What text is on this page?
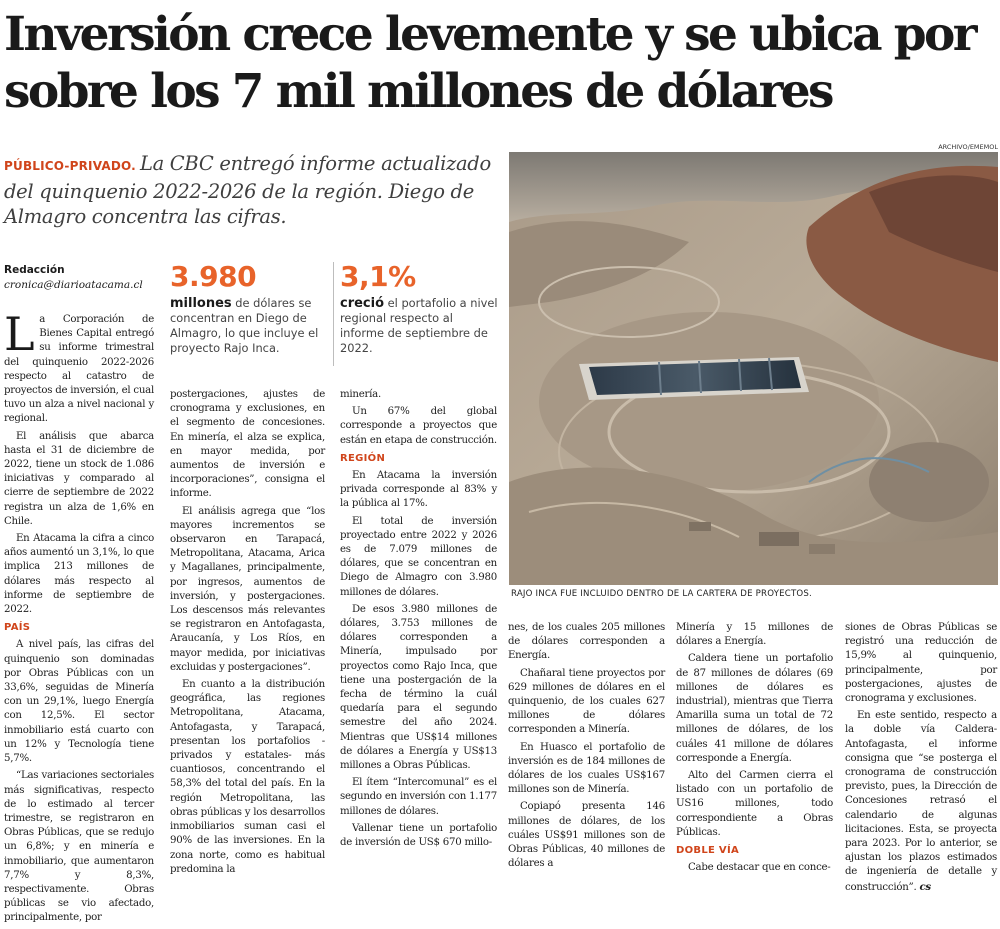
Inversión crece levemente y se ubica por sobre los 7 mil millones de dólares
PÚBLICO-PRIVADO. La CBC entregó informe actualizado del quinquenio 2022-2026 de la región. Diego de Almagro concentra las cifras.
Redacción
cronica@diarioatacama.cl 3.980
millones de dólares se concentran en Diego de Almagro, lo que incluye el proyecto Rajo Inca.
3,1%
creció el portafolio a nivel regional respecto al informe de septiembre de 2022.

La Corporación de Bienes Capital entregó su informe trimestral del quinquenio 2022-2026 respecto al catastro de proyectos de inversión, el cual tuvo un alza a nivel nacional y regional.

El análisis que abarca hasta el 31 de diciembre de 2022, tiene un stock de 1.086 iniciativas y comparado al cierre de septiembre de 2022 registra un alza de 1,6% en Chile.

En Atacama la cifra a cinco años aumentó un 3,1%, lo que implica 213 millones de dólares más respecto al informe de septiembre de 2022.

PAÍS

A nivel país, las cifras del quinquenio son dominadas por Obras Públicas con un 33,6%, seguidas de Minería con un 29,1%, luego Energía con 12,5%. El sector inmobiliario está cuarto con un 12% y Tecnología tiene 5,7%.

“Las variaciones sectoriales más significativas, respecto de lo estimado al tercer trimestre, se registraron en Obras Públicas, que se redujo un 6,8%; y en minería e inmobiliario, que aumentaron 7,7% y 8,3%, respectivamente. Obras públicas se vio afectado, principalmente, por

postergaciones, ajustes de cronograma y exclusiones, en el segmento de concesiones. En minería, el alza se explica, en mayor medida, por aumentos de inversión e incorporaciones”, consigna el informe.

El análisis agrega que “los mayores incrementos se observaron en Tarapacá, Metropolitana, Atacama, Arica y Magallanes, principalmente, por ingresos, aumentos de inversión, y postergaciones. Los descensos más relevantes se registraron en Antofagasta, Araucanía, y Los Ríos, en mayor medida, por iniciativas excluidas y postergaciones”.

En cuanto a la distribución geográfica, las regiones Metropolitana, Atacama, Antofagasta, y Tarapacá, presentan los portafolios -privados y estatales- más cuantiosos, concentrando el 58,3% del total del país. En la región Metropolitana, las obras públicas y los desarrollos inmobiliarios suman casi el 90% de las inversiones. En la zona norte, como es habitual predomina la

minería.

Un 67% del global corresponde a proyectos que están en etapa de construcción.

REGIÓN

En Atacama la inversión privada corresponde al 83% y la pública al 17%.

El total de inversión proyectado entre 2022 y 2026 es de 7.079 millones de dólares, que se concentran en Diego de Almagro con 3.980 millones de dólares.

De esos 3.980 millones de dólares, 3.753 millones de dólares corresponden a Minería, impulsado por proyectos como Rajo Inca, que tiene una postergación de la fecha de término la cuál quedaría para el segundo semestre del año 2024. Mientras que US$14 millones de dólares a Energía y US$13 millones a Obras Públicas.

El ítem “Intercomunal” es el segundo en inversión con 1.177 millones de dólares.

Vallenar tiene un portafolio de inversión de US$ 670 millo-

ARCHIVO/EMEMOL
RAJO INCA FUE INCLUIDO DENTRO DE LA CARTERA DE PROYECTOS.

nes, de los cuales 205 millones de dólares corresponden a Energía.

Chañaral tiene proyectos por 629 millones de dólares en el quinquenio, de los cuales 627 millones de dólares corresponden a Minería.

En Huasco el portafolio de inversión es de 184 millones de dólares de los cuales US$167 millones son de Minería.

Copiapó presenta 146 millones de dólares, de los cuáles US$91 millones son de Obras Públicas, 40 millones de dólares a

Minería y 15 millones de dólares a Energía.

Caldera tiene un portafolio de 87 millones de dólares (69 millones de dólares es industrial), mientras que Tierra Amarilla suma un total de 72 millones de dólares, de los cuáles 41 millone de dólares corresponde a Energía.

Alto del Carmen cierra el listado con un portafolio de US16 millones, todo correspondiente a Obras Públicas.

DOBLE VÍA

Cabe destacar que en conce-

siones de Obras Públicas se registró una reducción de 15,9% al quinquenio, principalmente, por postergaciones, ajustes de cronograma y exclusiones.

En este sentido, respecto a la doble vía Caldera-Antofagasta, el informe consigna que “se posterga el cronograma de construcción previsto, pues, la Dirección de Concesiones retrasó el calendario de algunas licitaciones. Esta, se proyecta para 2023. Por lo anterior, se ajustan los plazos estimados de ingeniería de detalle y construcción”. cs
